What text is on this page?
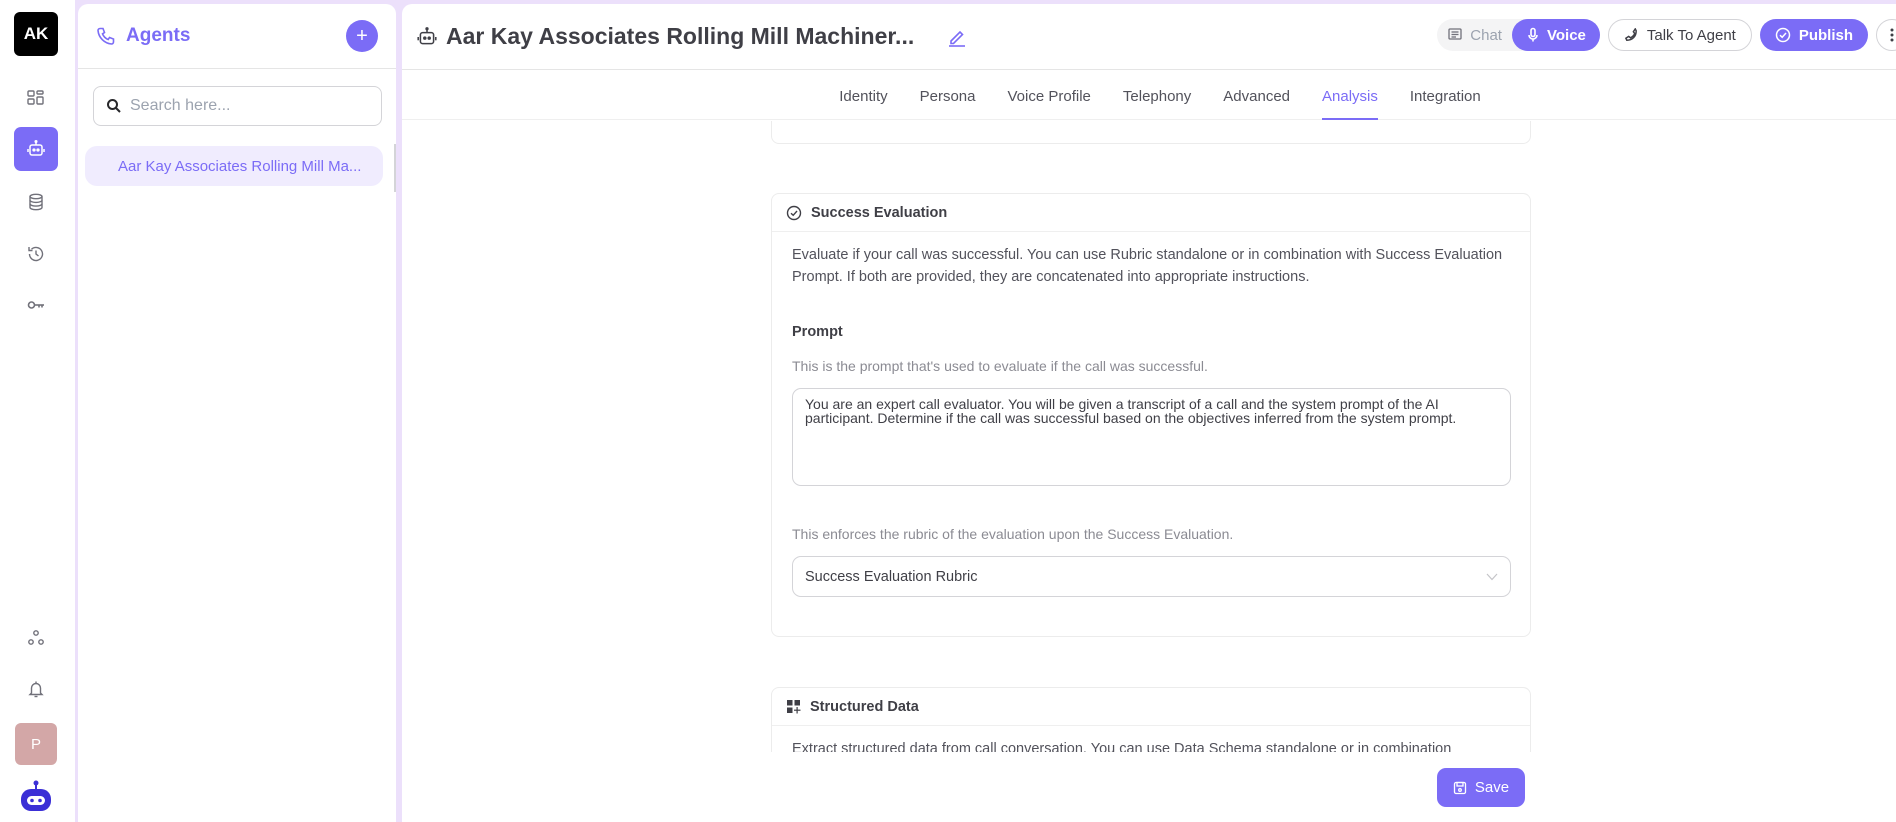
AK
P
Agents	+
Search here...
Aar Kay Associates Rolling Mill Ma...
Aar Kay Associates Rolling Mill Machiner...	Chat	Voice	Talk To Agent	Publish
Identity	Persona	Voice Profile	Telephony	Advanced	Analysis	Integration
Success Evaluation
Evaluate if your call was successful. You can use Rubric standalone or in combination with Success Evaluation Prompt. If both are provided, they are concatenated into appropriate instructions.
Prompt
This is the prompt that's used to evaluate if the call was successful.
You are an expert call evaluator. You will be given a transcript of a call and the system prompt of the AI participant. Determine if the call was successful based on the objectives inferred from the system prompt.
This enforces the rubric of the evaluation upon the Success Evaluation.
Success Evaluation Rubric
Structured Data
Extract structured data from call conversation. You can use Data Schema standalone or in combination
Save
